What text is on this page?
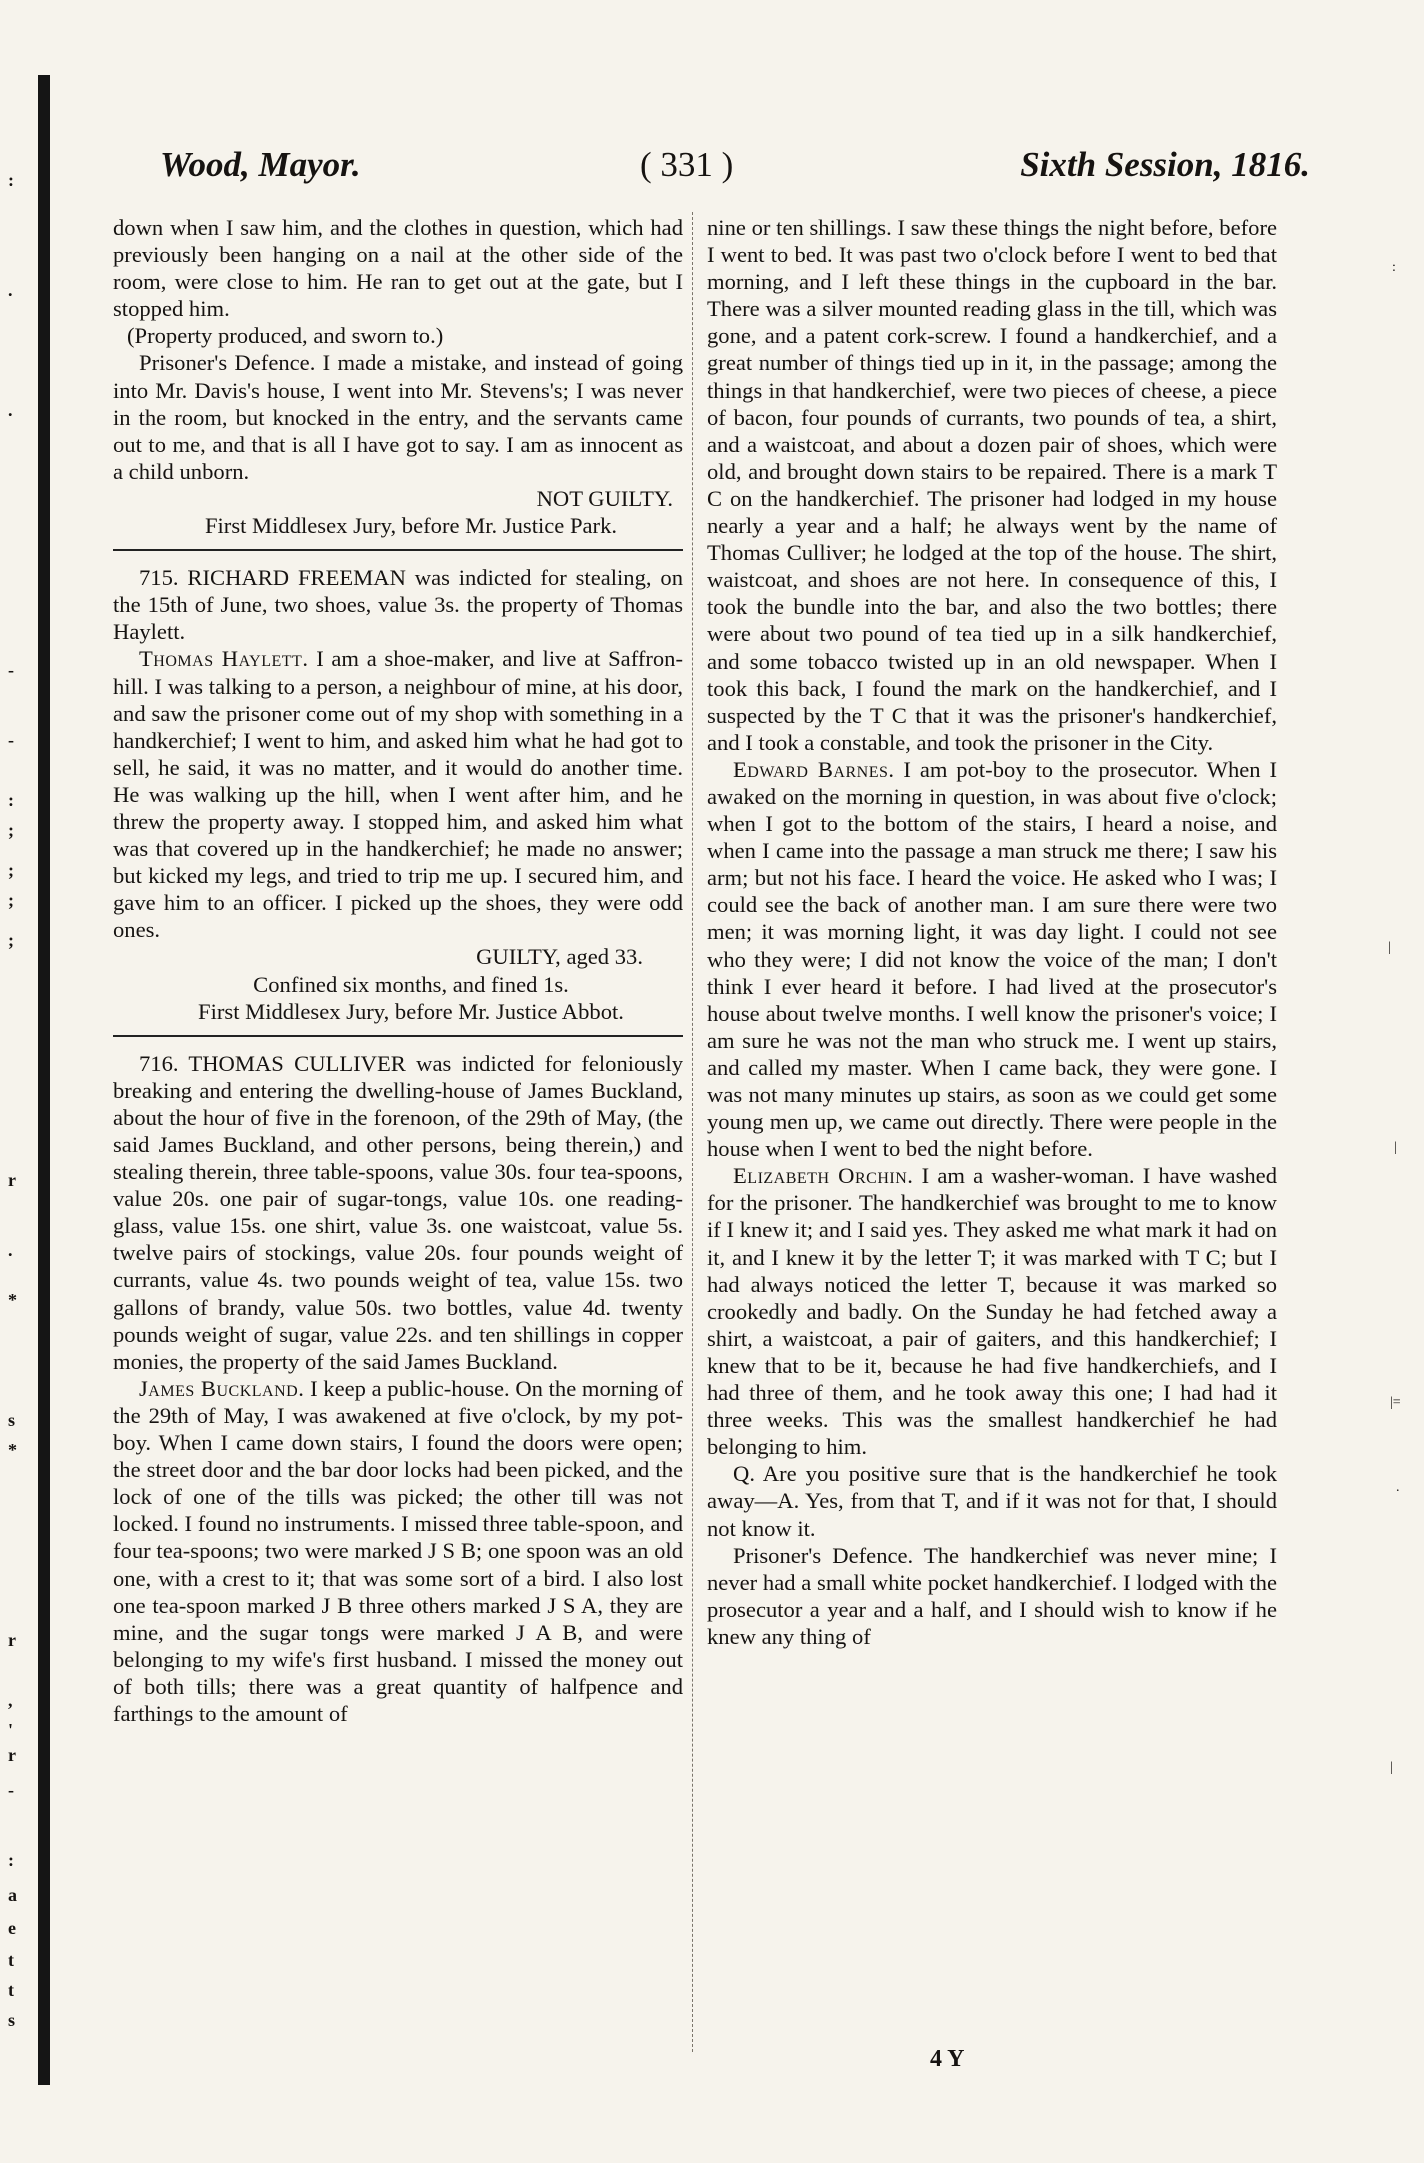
:
.
.
-
-
:
;
;
;
;
r
.
*
s
*
r
,
'
r
-
:
a
e
t
t
s
:
|
|
|=
.
|
Wood, Mayor.	( 331 )	Sixth Session, 1816.

down when I saw him, and the clothes in question, which had previously been hanging on a nail at the other side of the room, were close to him. He ran to get out at the gate, but I stopped him.

(Property produced, and sworn to.)

Prisoner's Defence. I made a mistake, and instead of going into Mr. Davis's house, I went into Mr. Stevens's; I was never in the room, but knocked in the entry, and the servants came out to me, and that is all I have got to say. I am as innocent as a child unborn.

NOT GUILTY.

First Middlesex Jury, before Mr. Justice Park.

715. RICHARD FREEMAN was indicted for stealing, on the 15th of June, two shoes, value 3s. the property of Thomas Haylett.

Thomas Haylett. I am a shoe-maker, and live at Saffron-hill. I was talking to a person, a neighbour of mine, at his door, and saw the prisoner come out of my shop with something in a handkerchief; I went to him, and asked him what he had got to sell, he said, it was no matter, and it would do another time. He was walking up the hill, when I went after him, and he threw the property away. I stopped him, and asked him what was that covered up in the handkerchief; he made no answer; but kicked my legs, and tried to trip me up. I secured him, and gave him to an officer. I picked up the shoes, they were odd ones.

GUILTY, aged 33.

Confined six months, and fined 1s.

First Middlesex Jury, before Mr. Justice Abbot.

716. THOMAS CULLIVER was indicted for feloniously breaking and entering the dwelling-house of James Buckland, about the hour of five in the forenoon, of the 29th of May, (the said James Buckland, and other persons, being therein,) and stealing therein, three table-spoons, value 30s. four tea-spoons, value 20s. one pair of sugar-tongs, value 10s. one reading-glass, value 15s. one shirt, value 3s. one waistcoat, value 5s. twelve pairs of stockings, value 20s. four pounds weight of currants, value 4s. two pounds weight of tea, value 15s. two gallons of brandy, value 50s. two bottles, value 4d. twenty pounds weight of sugar, value 22s. and ten shillings in copper monies, the property of the said James Buckland.

James Buckland. I keep a public-house. On the morning of the 29th of May, I was awakened at five o'clock, by my pot-boy. When I came down stairs, I found the doors were open; the street door and the bar door locks had been picked, and the lock of one of the tills was picked; the other till was not locked. I found no instruments. I missed three table-spoon, and four tea-spoons; two were marked J S B; one spoon was an old one, with a crest to it; that was some sort of a bird. I also lost one tea-spoon marked J B three others marked J S A, they are mine, and the sugar tongs were marked J A B, and were belonging to my wife's first husband. I missed the money out of both tills; there was a great quantity of halfpence and farthings to the amount of

nine or ten shillings. I saw these things the night before, before I went to bed. It was past two o'clock before I went to bed that morning, and I left these things in the cupboard in the bar. There was a silver mounted reading glass in the till, which was gone, and a patent cork-screw. I found a handkerchief, and a great number of things tied up in it, in the passage; among the things in that handkerchief, were two pieces of cheese, a piece of bacon, four pounds of currants, two pounds of tea, a shirt, and a waistcoat, and about a dozen pair of shoes, which were old, and brought down stairs to be repaired. There is a mark T C on the handkerchief. The prisoner had lodged in my house nearly a year and a half; he always went by the name of Thomas Culliver; he lodged at the top of the house. The shirt, waistcoat, and shoes are not here. In consequence of this, I took the bundle into the bar, and also the two bottles; there were about two pound of tea tied up in a silk handkerchief, and some tobacco twisted up in an old newspaper. When I took this back, I found the mark on the handkerchief, and I suspected by the T C that it was the prisoner's handkerchief, and I took a constable, and took the prisoner in the City.

Edward Barnes. I am pot-boy to the prosecutor. When I awaked on the morning in question, in was about five o'clock; when I got to the bottom of the stairs, I heard a noise, and when I came into the passage a man struck me there; I saw his arm; but not his face. I heard the voice. He asked who I was; I could see the back of another man. I am sure there were two men; it was morning light, it was day light. I could not see who they were; I did not know the voice of the man; I don't think I ever heard it before. I had lived at the prosecutor's house about twelve months. I well know the prisoner's voice; I am sure he was not the man who struck me. I went up stairs, and called my master. When I came back, they were gone. I was not many minutes up stairs, as soon as we could get some young men up, we came out directly. There were people in the house when I went to bed the night before.

Elizabeth Orchin. I am a washer-woman. I have washed for the prisoner. The handkerchief was brought to me to know if I knew it; and I said yes. They asked me what mark it had on it, and I knew it by the letter T; it was marked with T C; but I had always noticed the letter T, because it was marked so crookedly and badly. On the Sunday he had fetched away a shirt, a waistcoat, a pair of gaiters, and this handkerchief; I knew that to be it, because he had five handkerchiefs, and I had three of them, and he took away this one; I had had it three weeks. This was the smallest handkerchief he had belonging to him.

Q. Are you positive sure that is the handkerchief he took away—A. Yes, from that T, and if it was not for that, I should not know it.

Prisoner's Defence. The handkerchief was never mine; I never had a small white pocket handkerchief. I lodged with the prosecutor a year and a half, and I should wish to know if he knew any thing of

4 Y
